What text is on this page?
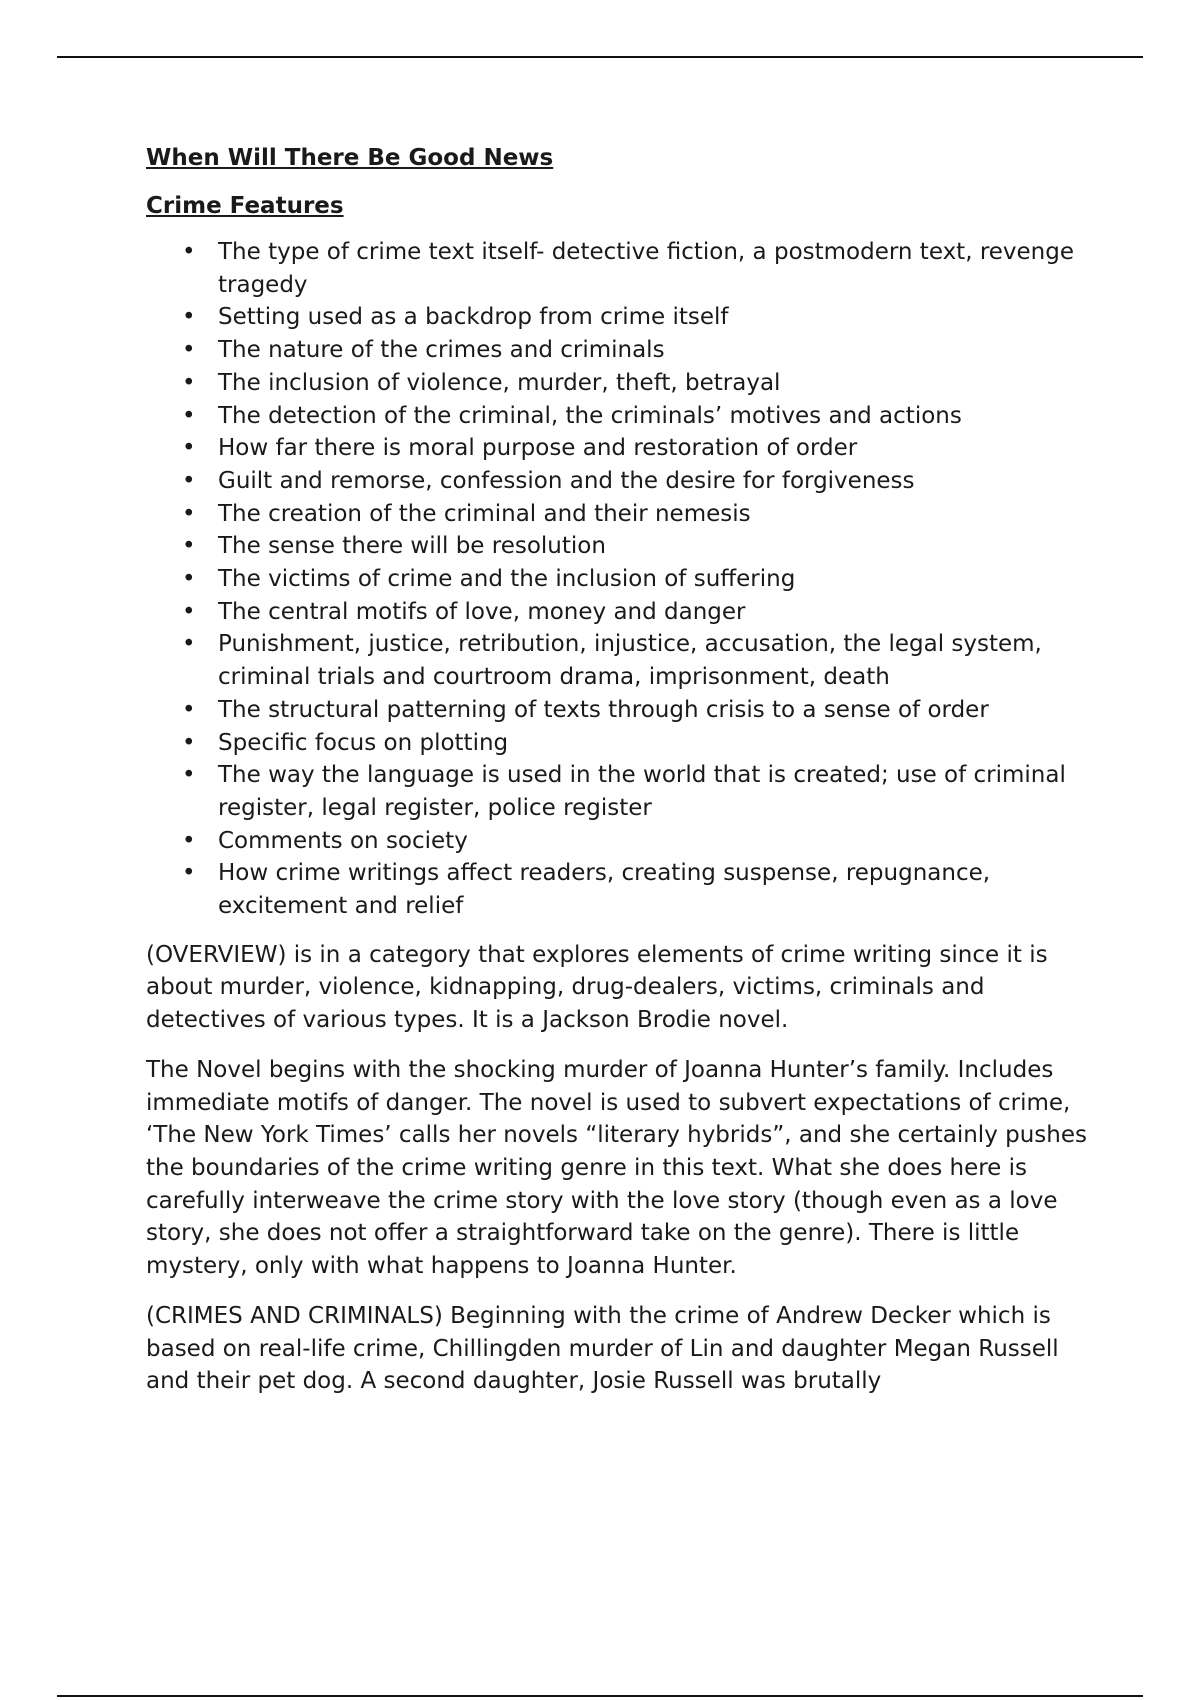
When Will There Be Good News
Crime Features
• The type of crime text itself- detective fiction, a postmodern text, revenge tragedy
• Setting used as a backdrop from crime itself
• The nature of the crimes and criminals
• The inclusion of violence, murder, theft, betrayal
• The detection of the criminal, the criminals’ motives and actions
• How far there is moral purpose and restoration of order
• Guilt and remorse, confession and the desire for forgiveness
• The creation of the criminal and their nemesis
• The sense there will be resolution
• The victims of crime and the inclusion of suffering
• The central motifs of love, money and danger
• Punishment, justice, retribution, injustice, accusation, the legal system, criminal trials and courtroom drama, imprisonment, death
• The structural patterning of texts through crisis to a sense of order
• Specific focus on plotting
• The way the language is used in the world that is created; use of criminal register, legal register, police register
• Comments on society
• How crime writings affect readers, creating suspense, repugnance, excitement and relief

(OVERVIEW) is in a category that explores elements of crime writing since it is about murder, violence, kidnapping, drug-dealers, victims, criminals and detectives of various types. It is a Jackson Brodie novel.

The Novel begins with the shocking murder of Joanna Hunter’s family. Includes immediate motifs of danger. The novel is used to subvert expectations of crime, ‘The New York Times’ calls her novels “literary hybrids”, and she certainly pushes the boundaries of the crime writing genre in this text. What she does here is carefully interweave the crime story with the love story (though even as a love story, she does not offer a straightforward take on the genre). There is little mystery, only with what happens to Joanna Hunter.

(CRIMES AND CRIMINALS) Beginning with the crime of Andrew Decker which is based on real-life crime, Chillingden murder of Lin and daughter Megan Russell and their pet dog. A second daughter, Josie Russell was brutally
